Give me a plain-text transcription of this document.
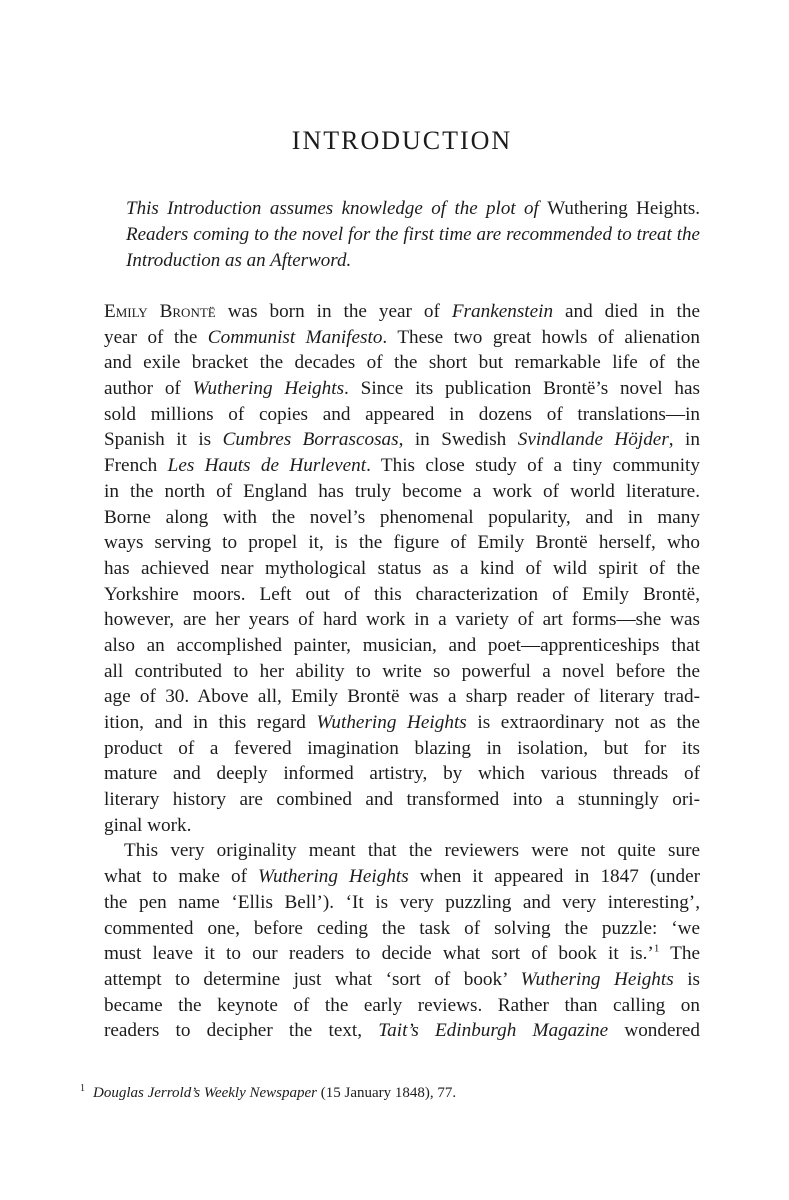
INTRODUCTION
This Introduction assumes knowledge of the plot of Wuthering Heights. Readers coming to the novel for the first time are recommended to treat the Introduction as an Afterword.
Emily Brontë was born in the year of Frankenstein and died in the
year of the Communist Manifesto. These two great howls of alienation
and exile bracket the decades of the short but remarkable life of the
author of Wuthering Heights. Since its publication Brontë’s novel has
sold millions of copies and appeared in dozens of translations—in
Spanish it is Cumbres Borrascosas, in Swedish Svindlande Höjder, in
French Les Hauts de Hurlevent. This close study of a tiny community
in the north of England has truly become a work of world literature.
Borne along with the novel’s phenomenal popularity, and in many
ways serving to propel it, is the figure of Emily Brontë herself, who
has achieved near mythological status as a kind of wild spirit of the
Yorkshire moors. Left out of this characterization of Emily Brontë,
however, are her years of hard work in a variety of art forms—she was
also an accomplished painter, musician, and poet—apprenticeships that
all contributed to her ability to write so powerful a novel before the
age of 30. Above all, Emily Brontë was a sharp reader of literary trad-
ition, and in this regard Wuthering Heights is extraordinary not as the
product of a fevered imagination blazing in isolation, but for its
mature and deeply informed artistry, by which various threads of
literary history are combined and transformed into a stunningly ori-
ginal work.
This very originality meant that the reviewers were not quite sure
what to make of Wuthering Heights when it appeared in 1847 (under
the pen name ‘Ellis Bell’). ‘It is very puzzling and very interesting’,
commented one, before ceding the task of solving the puzzle: ‘we
must leave it to our readers to decide what sort of book it is.’$^1$ The
attempt to determine just what ‘sort of book’ Wuthering Heights is
became the keynote of the early reviews. Rather than calling on
readers to decipher the text, Tait’s Edinburgh Magazine wondered
$^1$ Douglas Jerrold’s Weekly Newspaper (15 January 1848), 77.
